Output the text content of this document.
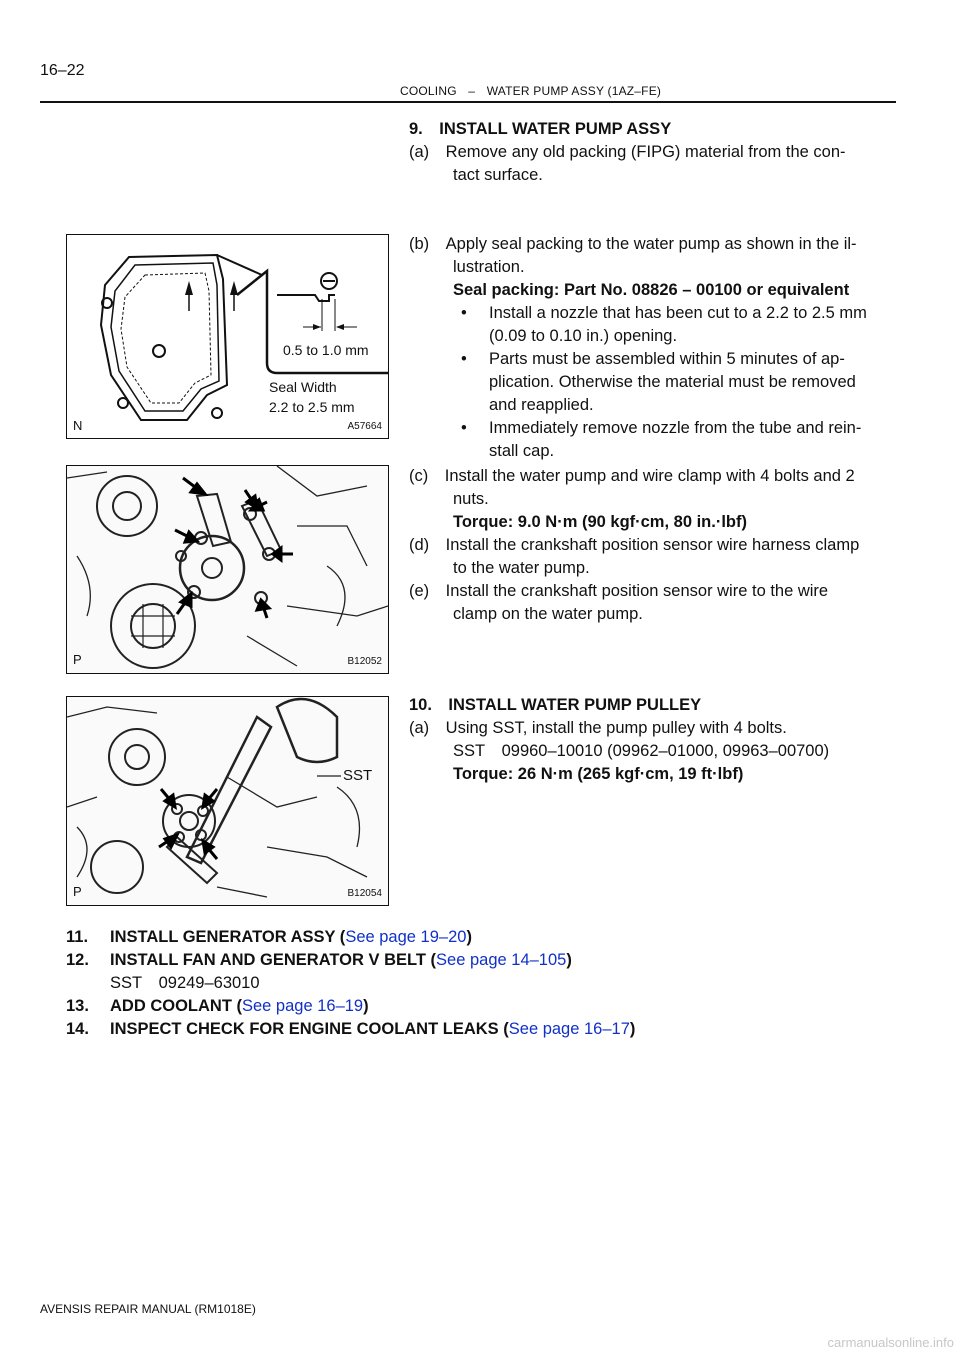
16–22
COOLING – WATER PUMP ASSY (1AZ–FE)
9. INSTALL WATER PUMP ASSY
(a) Remove any old packing (FIPG) material from the con-
tact surface.
(b) Apply seal packing to the water pump as shown in the il-
lustration.
Seal packing: Part No. 08826 – 00100 or equivalent
• Install a nozzle that has been cut to a 2.2 to 2.5 mm
(0.09 to 0.10 in.) opening.
• Parts must be assembled within 5 minutes of ap-
plication. Otherwise the material must be removed
and reapplied.
• Immediately remove nozzle from the tube and rein-
stall cap.
(c) Install the water pump and wire clamp with 4 bolts and 2
nuts.
Torque: 9.0 N·m (90 kgf·cm, 80 in.·lbf)
(d) Install the crankshaft position sensor wire harness clamp
to the water pump.
(e) Install the crankshaft position sensor wire to the wire
clamp on the water pump.
10. INSTALL WATER PUMP PULLEY
(a) Using SST, install the pump pulley with 4 bolts.
SST 09960–10010 (09962–01000, 09963–00700)
Torque: 26 N·m (265 kgf·cm, 19 ft·lbf)
0.5 to 1.0 mm
Seal Width
2.2 to 2.5 mm
N	A57664
P	B12052
SST
P	B12054
11. INSTALL GENERATOR ASSY (See page 19–20)
12. INSTALL FAN AND GENERATOR V BELT (See page 14–105)
SST 09249–63010
13. ADD COOLANT (See page 16–19)
14. INSPECT CHECK FOR ENGINE COOLANT LEAKS (See page 16–17)
AVENSIS REPAIR MANUAL (RM1018E)
carmanualsonline.info
